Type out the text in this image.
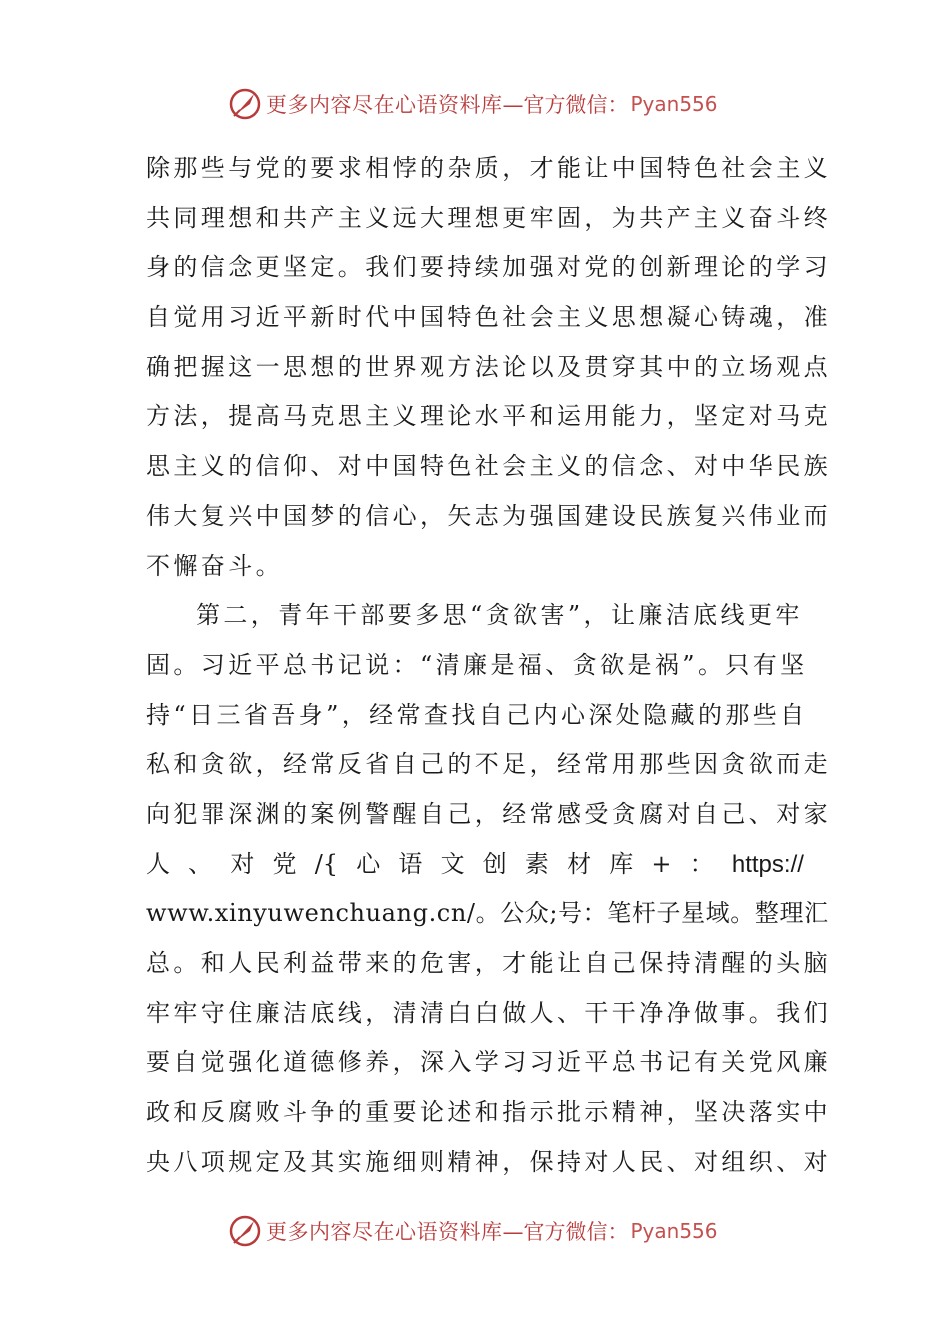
更多内容尽在心语资料库 —官方微信： Pyan556
除那些与党的要求相悖的杂质，才能让中国特色社会主义
共同理想和共产主义远大理想更牢固，为共产主义奋斗终
身的信念更坚定。我们要持续加强对党的创新理论的学习
自觉用习近平新时代中国特色社会主义思想凝心铸魂，准
确把握这一思想的世界观方法论以及贯穿其中的立场观点
方法，提高马克思主义理论水平和运用能力，坚定对马克
思主义的信仰、对中国特色社会主义的信念、对中华民族
伟大复兴中国梦的信心，矢志为强国建设民族复兴伟业而
不懈奋斗。
第二，青年干部要多思“贪欲害”，让廉洁底线更牢
固。习近平总书记说：“清廉是福、贪欲是祸”。只有坚
持“日三省吾身”，经常查找自己内心深处隐藏的那些自
私和贪欲，经常反省自己的不足，经常用那些因贪欲而走
向犯罪深渊的案例警醒自己，经常感受贪腐对自己、对家
人 、 对 党 /{ 心 语 文 创 素 材 库 + ： https://
www.xinyuwenchuang.cn/。公众;号：笔杆子星域。整理汇
总。和人民利益带来的危害，才能让自己保持清醒的头脑
牢牢守住廉洁底线，清清白白做人、干干净净做事。我们
要自觉强化道德修养，深入学习习近平总书记有关党风廉
政和反腐败斗争的重要论述和指示批示精神，坚决落实中
央八项规定及其实施细则精神，保持对人民、对组织、对
更多内容尽在心语资料库 —官方微信： Pyan556
